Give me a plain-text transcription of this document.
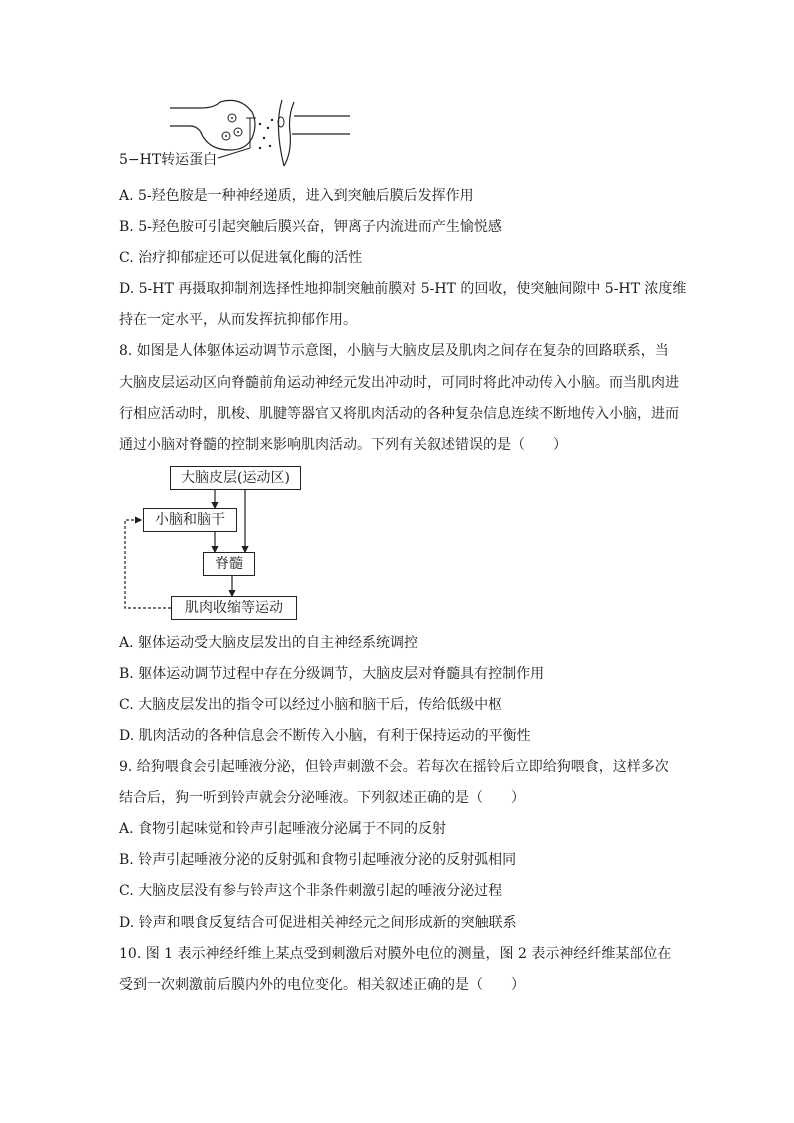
5−HT转运蛋白
A. 5-羟色胺是一种神经递质，进入到突触后膜后发挥作用
B. 5-羟色胺可引起突触后膜兴奋，钾离子内流进而产生愉悦感
C. 治疗抑郁症还可以促进氧化酶的活性
D. 5-HT 再摄取抑制剂选择性地抑制突触前膜对 5-HT 的回收，使突触间隙中 5-HT 浓度维
持在一定水平，从而发挥抗抑郁作用。
8. 如图是人体躯体运动调节示意图，小脑与大脑皮层及肌肉之间存在复杂的回路联系，当
大脑皮层运动区向脊髓前角运动神经元发出冲动时，可同时将此冲动传入小脑。而当肌肉进
行相应活动时，肌梭、肌腱等器官又将肌肉活动的各种复杂信息连续不断地传入小脑，进而
通过小脑对脊髓的控制来影响肌肉活动。下列有关叙述错误的是（　　）
大脑皮层(运动区)
小脑和脑干
脊髓
肌肉收缩等运动
A. 躯体运动受大脑皮层发出的自主神经系统调控
B. 躯体运动调节过程中存在分级调节，大脑皮层对脊髓具有控制作用
C. 大脑皮层发出的指令可以经过小脑和脑干后，传给低级中枢
D. 肌肉活动的各种信息会不断传入小脑，有利于保持运动的平衡性
9. 给狗喂食会引起唾液分泌，但铃声刺激不会。若每次在摇铃后立即给狗喂食，这样多次
结合后，狗一听到铃声就会分泌唾液。下列叙述正确的是（　　）
A. 食物引起味觉和铃声引起唾液分泌属于不同的反射
B. 铃声引起唾液分泌的反射弧和食物引起唾液分泌的反射弧相同
C. 大脑皮层没有参与铃声这个非条件刺激引起的唾液分泌过程
D. 铃声和喂食反复结合可促进相关神经元之间形成新的突触联系
10. 图 1 表示神经纤维上某点受到刺激后对膜外电位的测量，图 2 表示神经纤维某部位在
受到一次刺激前后膜内外的电位变化。相关叙述正确的是（　　）
